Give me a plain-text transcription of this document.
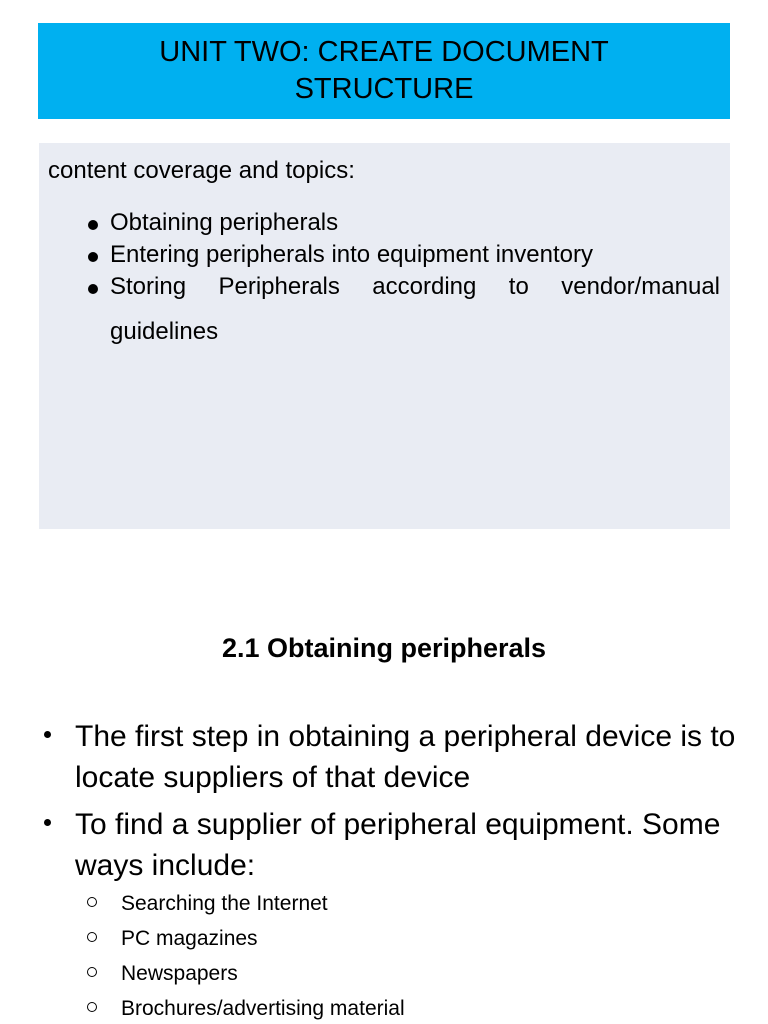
UNIT TWO: CREATE DOCUMENT STRUCTURE
content coverage and topics:
Obtaining peripherals
Entering peripherals into equipment inventory
Storing Peripherals according to vendor/manual guidelines
2.1 Obtaining peripherals
The first step in obtaining a peripheral device is to locate suppliers of that device
To find a supplier of peripheral equipment. Some ways include:
Searching the Internet
PC magazines
Newspapers
Brochures/advertising material
